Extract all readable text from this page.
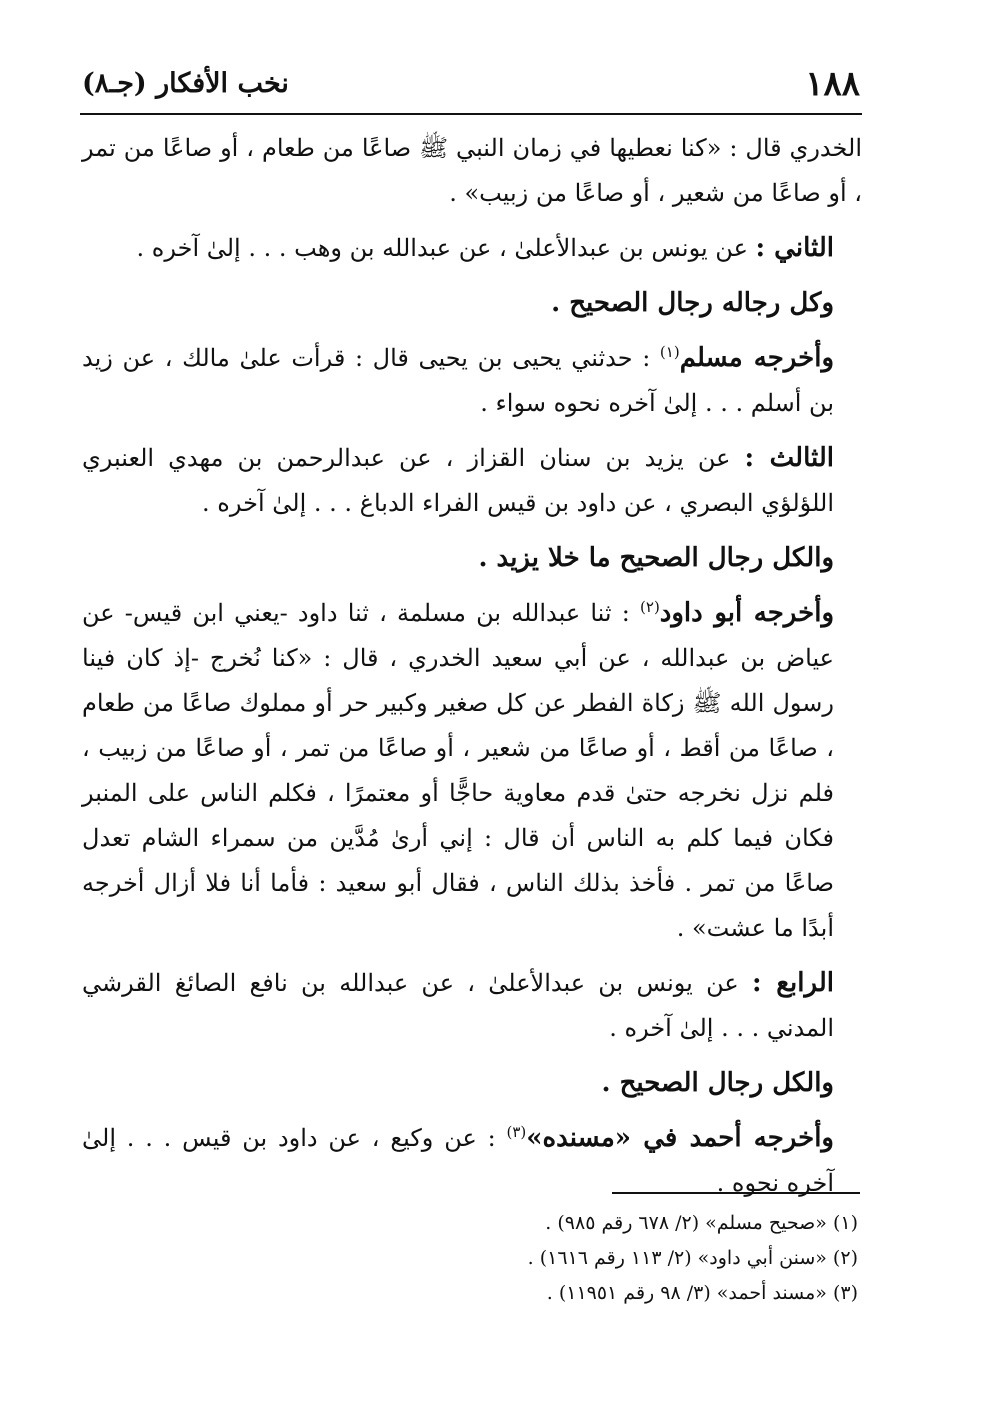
١٨٨
نخب الأفكار (جـ٨)

الخدري قال : «كنا نعطيها في زمان النبي ﷺ صاعًا من طعام ، أو صاعًا من تمر ، أو صاعًا من شعير ، أو صاعًا من زبيب» .

الثاني : عن يونس بن عبدالأعلىٰ ، عن عبدالله بن وهب . . . إلىٰ آخره .

وكل رجاله رجال الصحيح .

وأخرجه مسلم$^{(١)}$ : حدثني يحيى بن يحيى قال : قرأت علىٰ مالك ، عن زيد بن أسلم . . . إلىٰ آخره نحوه سواء .

الثالث : عن يزيد بن سنان القزاز ، عن عبدالرحمن بن مهدي العنبري اللؤلؤي البصري ، عن داود بن قيس الفراء الدباغ . . . إلىٰ آخره .

والكل رجال الصحيح ما خلا يزيد .

وأخرجه أبو داود$^{(٢)}$ : ثنا عبدالله بن مسلمة ، ثنا داود -يعني ابن قيس- عن عياض بن عبدالله ، عن أبي سعيد الخدري ، قال : «كنا نُخرج -إذ كان فينا رسول الله ﷺ زكاة الفطر عن كل صغير وكبير حر أو مملوك صاعًا من طعام ، صاعًا من أقط ، أو صاعًا من شعير ، أو صاعًا من تمر ، أو صاعًا من زبيب ، فلم نزل نخرجه حتىٰ قدم معاوية حاجًّا أو معتمرًا ، فكلم الناس على المنبر فكان فيما كلم به الناس أن قال : إني أرىٰ مُدَّين من سمراء الشام تعدل صاعًا من تمر . فأخذ بذلك الناس ، فقال أبو سعيد : فأما أنا فلا أزال أخرجه أبدًا ما عشت» .

الرابع : عن يونس بن عبدالأعلىٰ ، عن عبدالله بن نافع الصائغ القرشي المدني . . . إلىٰ آخره .

والكل رجال الصحيح .

وأخرجه أحمد في «مسنده»$^{(٣)}$ : عن وكيع ، عن داود بن قيس . . . إلىٰ آخره نحوه .

(١) «صحيح مسلم» (٢/ ٦٧٨ رقم ٩٨٥) .

(٢) «سنن أبي داود» (٢/ ١١٣ رقم ١٦١٦) .

(٣) «مسند أحمد» (٣/ ٩٨ رقم ١١٩٥١) .
